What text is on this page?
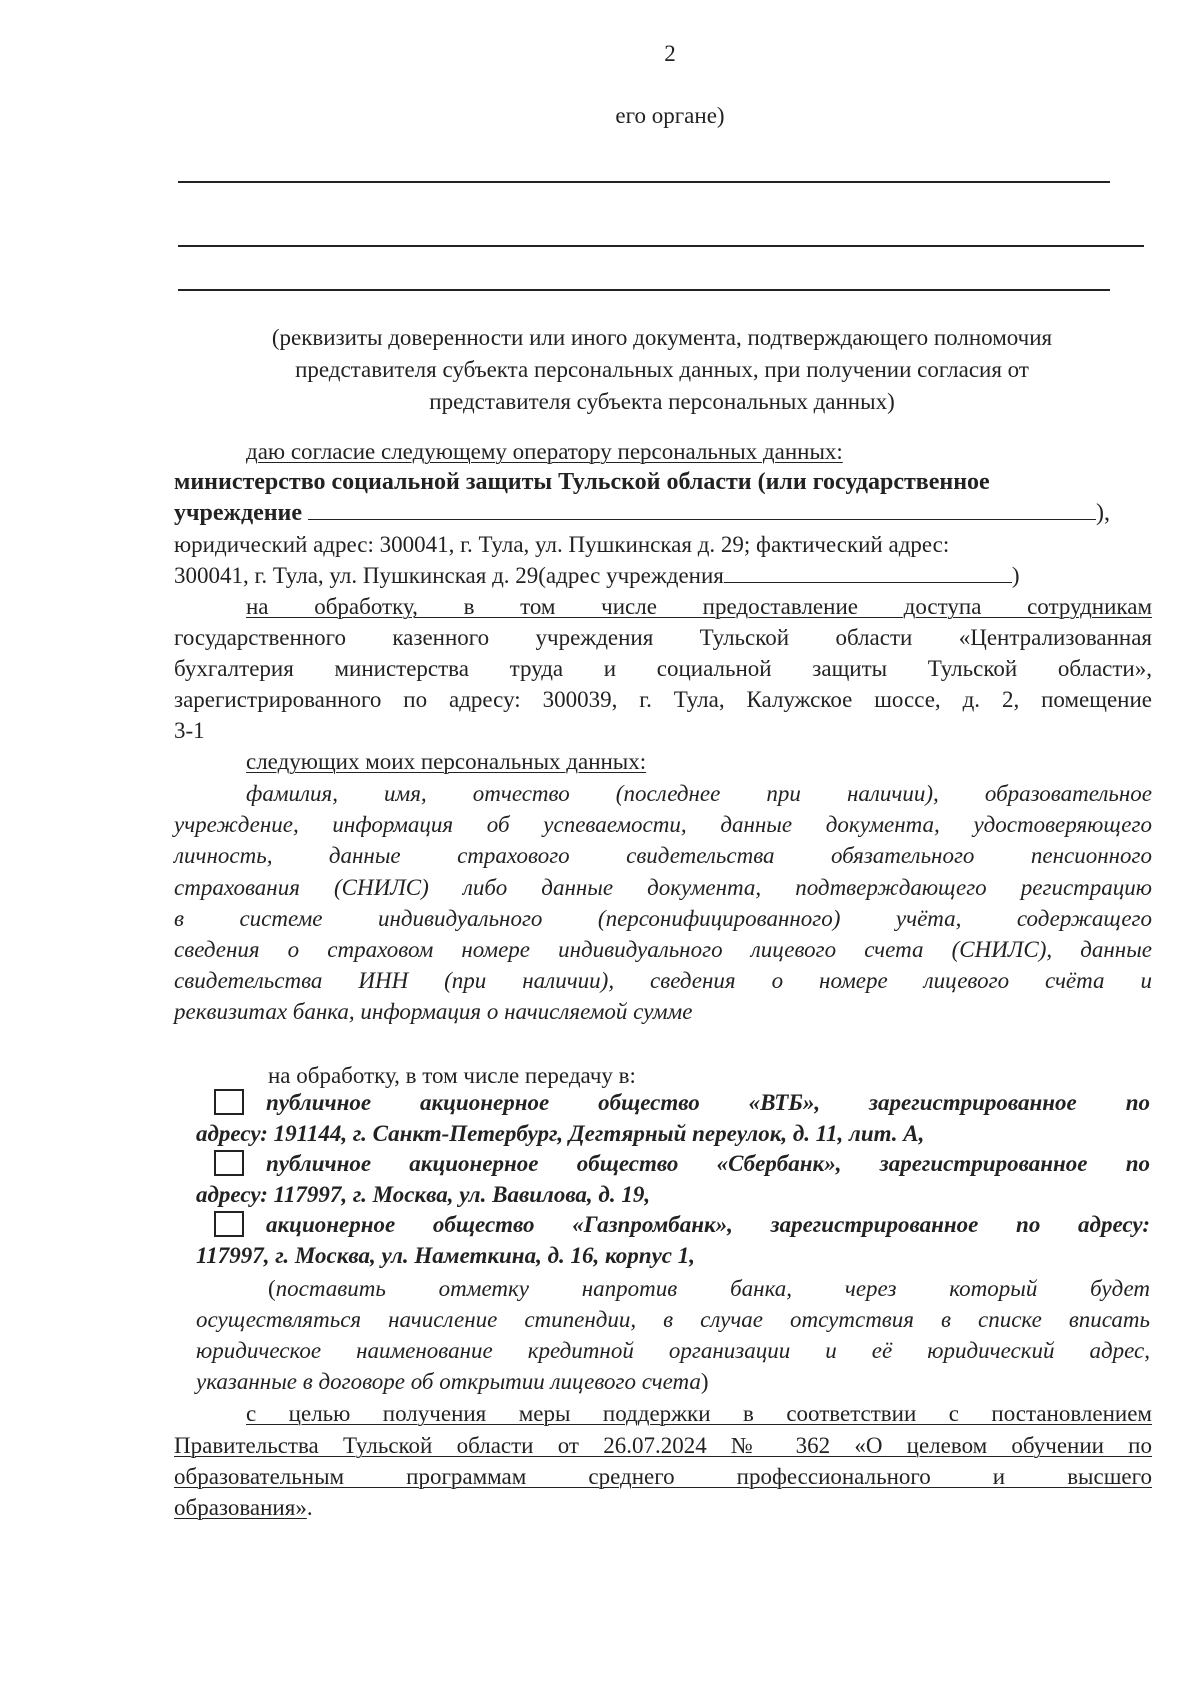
2
его органе)
(реквизиты доверенности или иного документа, подтверждающего полномочия
представителя субъекта персональных данных, при получении согласия от
представителя субъекта персональных данных)
даю согласие следующему оператору персональных данных:
министерство социальной защиты Тульской области (или государственное
учреждение	),
юридический адрес: 300041, г. Тула, ул. Пушкинская д. 29; фактический адрес:
300041, г. Тула, ул. Пушкинская д. 29(адрес учреждения	)
на обработку, в том числе предоставление доступа сотрудникам
государственного казенного учреждения Тульской области «Централизованная
бухгалтерия министерства труда и социальной защиты Тульской области»,
зарегистрированного по адресу: 300039, г. Тула, Калужское шоссе, д. 2, помещение
3-1
следующих моих персональных данных:
фамилия, имя, отчество (последнее при наличии), образовательное
учреждение, информация об успеваемости, данные документа, удостоверяющего
личность, данные страхового свидетельства обязательного пенсионного
страхования (СНИЛС) либо данные документа, подтверждающего регистрацию
в системе индивидуального (персонифицированного) учёта, содержащего
сведения о страховом номере индивидуального лицевого счета (СНИЛС), данные
свидетельства ИНН (при наличии), сведения о номере лицевого счёта и
реквизитах банка, информация о начисляемой сумме
на обработку, в том числе передачу в:
публичное акционерное общество «ВТБ», зарегистрированное по
адресу: 191144, г. Санкт-Петербург, Дегтярный переулок, д. 11, лит. А,
публичное акционерное общество «Сбербанк», зарегистрированное по
адресу: 117997, г. Москва, ул. Вавилова, д. 19,
акционерное общество «Газпромбанк», зарегистрированное по адресу:
117997, г. Москва, ул. Наметкина, д. 16, корпус 1,
(поставить отметку напротив банка, через который будет
осуществляться начисление стипендии, в случае отсутствия в списке вписать
юридическое наименование кредитной организации и её юридический адрес,
указанные в договоре об открытии лицевого счета)
с целью получения меры поддержки в соответствии с постановлением
Правительства Тульской области от 26.07.2024 № 362 «О целевом обучении по
образовательным программам среднего профессионального и высшего
образования».
